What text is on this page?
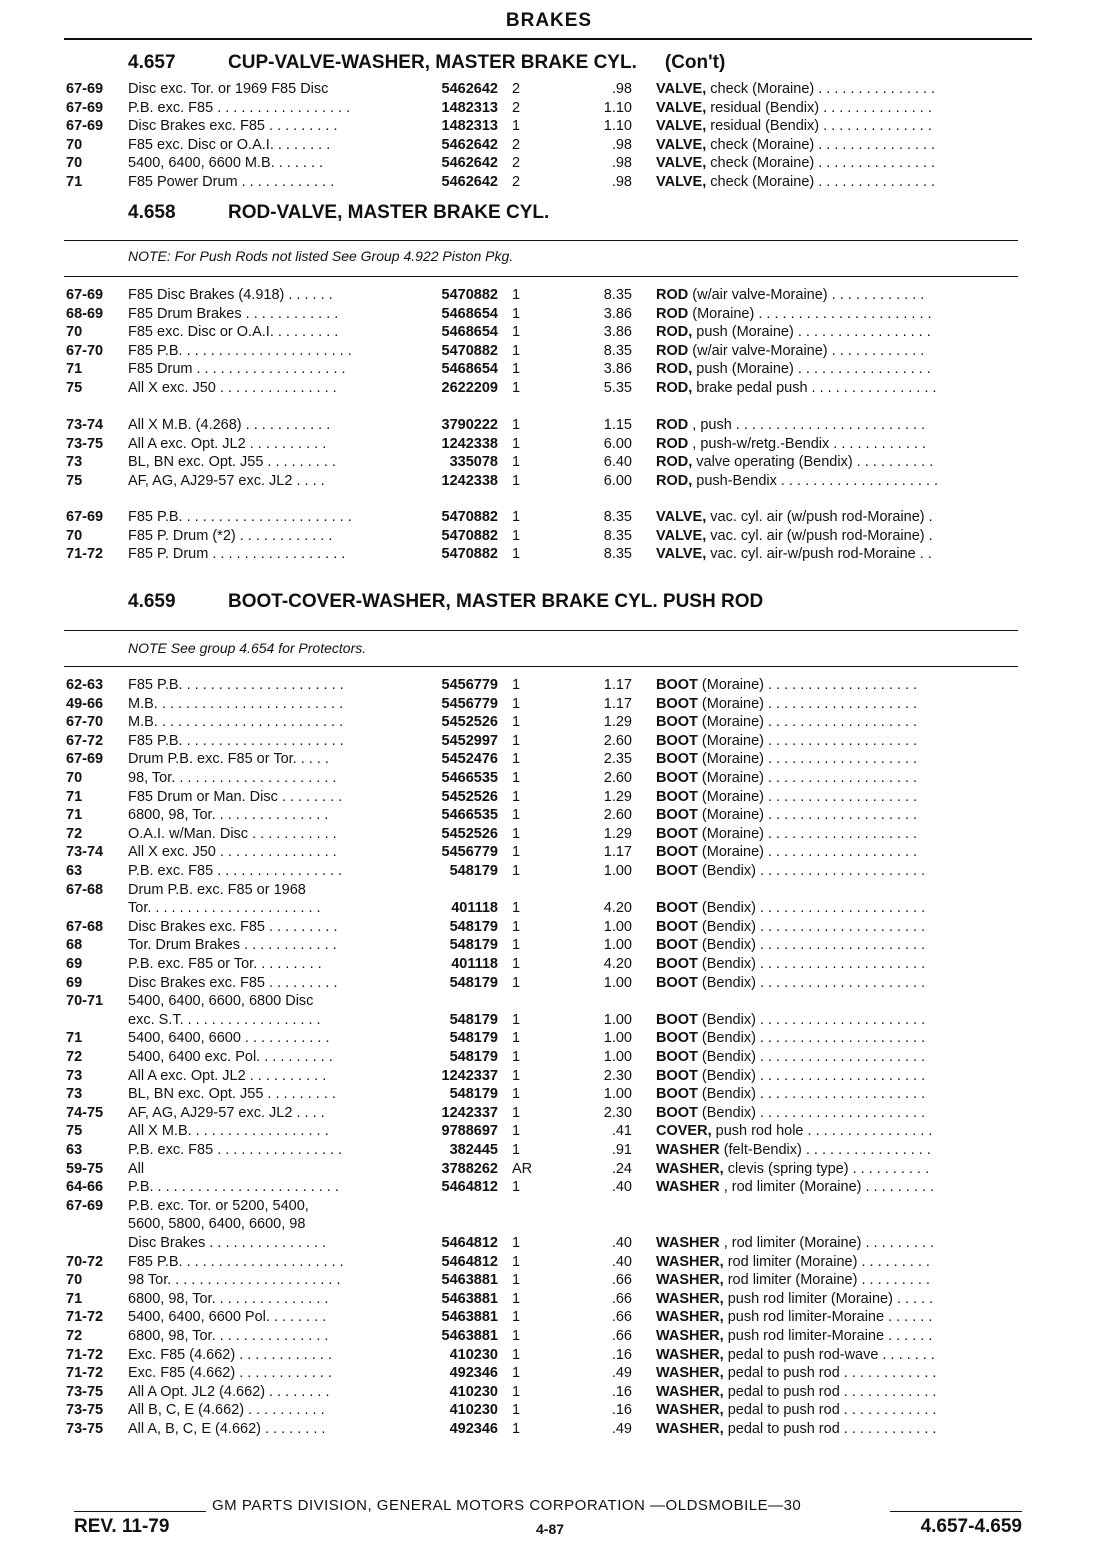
BRAKES
4.657	CUP-VALVE-WASHER, MASTER BRAKE CYL. (Con't)
4.658	ROD-VALVE, MASTER BRAKE CYL.
NOTE: For Push Rods not listed See Group 4.922 Piston Pkg.
4.659	BOOT-COVER-WASHER, MASTER BRAKE CYL. PUSH ROD
NOTE See group 4.654 for Protectors.
67-69	Disc exc. Tor. or 1969 F85 Disc	5462642 2	.98 VALVE, check (Moraine) . . . . . . . . . . . . . . .
67-69	P.B. exc. F85 . . . . . . . . . . . . . . . . .	1482313 2	1.10 VALVE, residual (Bendix) . . . . . . . . . . . . . .
67-69	Disc Brakes exc. F85 . . . . . . . . .	1482313 1	1.10 VALVE, residual (Bendix) . . . . . . . . . . . . . .
70	F85 exc. Disc or O.A.I. . . . . . . .	5462642 2	.98 VALVE, check (Moraine) . . . . . . . . . . . . . . .
70	5400, 6400, 6600 M.B. . . . . . .	5462642 2	.98 VALVE, check (Moraine) . . . . . . . . . . . . . . .
71	F85 Power Drum . . . . . . . . . . . .	5462642 2	.98 VALVE, check (Moraine) . . . . . . . . . . . . . . .
67-69	F85 Disc Brakes (4.918) . . . . . .	5470882 1	8.35 ROD (w/air valve-Moraine) . . . . . . . . . . . .
68-69	F85 Drum Brakes . . . . . . . . . . . .	5468654 1	3.86 ROD (Moraine) . . . . . . . . . . . . . . . . . . . . . .
70	F85 exc. Disc or O.A.I. . . . . . . . .	5468654 1	3.86 ROD, push (Moraine) . . . . . . . . . . . . . . . . .
67-70	F85 P.B. . . . . . . . . . . . . . . . . . . . . .	5470882 1	8.35 ROD (w/air valve-Moraine) . . . . . . . . . . . .
71	F85 Drum . . . . . . . . . . . . . . . . . . .	5468654 1	3.86 ROD, push (Moraine) . . . . . . . . . . . . . . . . .
75	All X exc. J50 . . . . . . . . . . . . . . .	2622209 1	5.35 ROD, brake pedal push . . . . . . . . . . . . . . . .
73-74	All X M.B. (4.268) . . . . . . . . . . .	3790222 1	1.15 ROD , push . . . . . . . . . . . . . . . . . . . . . . . .
73-75	All A exc. Opt. JL2 . . . . . . . . . .	1242338 1	6.00 ROD , push-w/retg.-Bendix . . . . . . . . . . . .
73	BL, BN exc. Opt. J55 . . . . . . . . .	335078 1	6.40 ROD, valve operating (Bendix) . . . . . . . . . .
75	AF, AG, AJ29-57 exc. JL2 . . . .	1242338 1	6.00 ROD, push-Bendix . . . . . . . . . . . . . . . . . . . .
67-69	F85 P.B. . . . . . . . . . . . . . . . . . . . . .	5470882 1	8.35 VALVE, vac. cyl. air (w/push rod-Moraine) .
70	F85 P. Drum (*2) . . . . . . . . . . . .	5470882 1	8.35 VALVE, vac. cyl. air (w/push rod-Moraine) .
71-72	F85 P. Drum . . . . . . . . . . . . . . . . .	5470882 1	8.35 VALVE, vac. cyl. air-w/push rod-Moraine . .
62-63	F85 P.B. . . . . . . . . . . . . . . . . . . . .	5456779 1	1.17 BOOT (Moraine) . . . . . . . . . . . . . . . . . . .
49-66	M.B. . . . . . . . . . . . . . . . . . . . . . . .	5456779 1	1.17 BOOT (Moraine) . . . . . . . . . . . . . . . . . . .
67-70	M.B. . . . . . . . . . . . . . . . . . . . . . . .	5452526 1	1.29 BOOT (Moraine) . . . . . . . . . . . . . . . . . . .
67-72	F85 P.B. . . . . . . . . . . . . . . . . . . . .	5452997 1	2.60 BOOT (Moraine) . . . . . . . . . . . . . . . . . . .
67-69	Drum P.B. exc. F85 or Tor. . . . .	5452476 1	2.35 BOOT (Moraine) . . . . . . . . . . . . . . . . . . .
70	98, Tor. . . . . . . . . . . . . . . . . . . . .	5466535 1	2.60 BOOT (Moraine) . . . . . . . . . . . . . . . . . . .
71	F85 Drum or Man. Disc . . . . . . . .	5452526 1	1.29 BOOT (Moraine) . . . . . . . . . . . . . . . . . . .
71	6800, 98, Tor. . . . . . . . . . . . . . .	5466535 1	2.60 BOOT (Moraine) . . . . . . . . . . . . . . . . . . .
72	O.A.I. w/Man. Disc . . . . . . . . . . .	5452526 1	1.29 BOOT (Moraine) . . . . . . . . . . . . . . . . . . .
73-74	All X exc. J50 . . . . . . . . . . . . . . .	5456779 1	1.17 BOOT (Moraine) . . . . . . . . . . . . . . . . . . .
63	P.B. exc. F85 . . . . . . . . . . . . . . . .	548179 1	1.00 BOOT (Bendix) . . . . . . . . . . . . . . . . . . . . .
67-68	Drum P.B. exc. F85 or 1968
Tor. . . . . . . . . . . . . . . . . . . . . .	401118 1	4.20 BOOT (Bendix) . . . . . . . . . . . . . . . . . . . . .
67-68	Disc Brakes exc. F85 . . . . . . . . .	548179 1	1.00 BOOT (Bendix) . . . . . . . . . . . . . . . . . . . . .
68	Tor. Drum Brakes . . . . . . . . . . . .	548179 1	1.00 BOOT (Bendix) . . . . . . . . . . . . . . . . . . . . .
69	P.B. exc. F85 or Tor. . . . . . . . .	401118 1	4.20 BOOT (Bendix) . . . . . . . . . . . . . . . . . . . . .
69	Disc Brakes exc. F85 . . . . . . . . .	548179 1	1.00 BOOT (Bendix) . . . . . . . . . . . . . . . . . . . . .
70-71	5400, 6400, 6600, 6800 Disc
exc. S.T. . . . . . . . . . . . . . . . . .	548179 1	1.00 BOOT (Bendix) . . . . . . . . . . . . . . . . . . . . .
71	5400, 6400, 6600 . . . . . . . . . . .	548179 1	1.00 BOOT (Bendix) . . . . . . . . . . . . . . . . . . . . .
72	5400, 6400 exc. Pol. . . . . . . . . .	548179 1	1.00 BOOT (Bendix) . . . . . . . . . . . . . . . . . . . . .
73	All A exc. Opt. JL2 . . . . . . . . . .	1242337 1	2.30 BOOT (Bendix) . . . . . . . . . . . . . . . . . . . . .
73	BL, BN exc. Opt. J55 . . . . . . . . .	548179 1	1.00 BOOT (Bendix) . . . . . . . . . . . . . . . . . . . . .
74-75	AF, AG, AJ29-57 exc. JL2 . . . .	1242337 1	2.30 BOOT (Bendix) . . . . . . . . . . . . . . . . . . . . .
75	All X M.B. . . . . . . . . . . . . . . . . .	9788697 1	.41 COVER, push rod hole . . . . . . . . . . . . . . . .
63	P.B. exc. F85 . . . . . . . . . . . . . . . .	382445 1	.91 WASHER (felt-Bendix) . . . . . . . . . . . . . . . .
59-75	All	3788262 AR	.24 WASHER, clevis (spring type) . . . . . . . . . .
64-66	P.B. . . . . . . . . . . . . . . . . . . . . . . .	5464812 1	.40 WASHER , rod limiter (Moraine) . . . . . . . . .
67-69	P.B. exc. Tor. or 5200, 5400,
5600, 5800, 6400, 6600, 98
Disc Brakes . . . . . . . . . . . . . . .	5464812 1	.40 WASHER , rod limiter (Moraine) . . . . . . . . .
70-72	F85 P.B. . . . . . . . . . . . . . . . . . . . .	5464812 1	.40 WASHER, rod limiter (Moraine) . . . . . . . . .
70	98 Tor. . . . . . . . . . . . . . . . . . . . . .	5463881 1	.66 WASHER, rod limiter (Moraine) . . . . . . . . .
71	6800, 98, Tor. . . . . . . . . . . . . . .	5463881 1	.66 WASHER, push rod limiter (Moraine) . . . . .
71-72	5400, 6400, 6600 Pol. . . . . . . .	5463881 1	.66 WASHER, push rod limiter-Moraine . . . . . .
72	6800, 98, Tor. . . . . . . . . . . . . . .	5463881 1	.66 WASHER, push rod limiter-Moraine . . . . . .
71-72	Exc. F85 (4.662) . . . . . . . . . . . .	410230 1	.16 WASHER, pedal to push rod-wave . . . . . . .
71-72	Exc. F85 (4.662) . . . . . . . . . . . .	492346 1	.49 WASHER, pedal to push rod . . . . . . . . . . . .
73-75	All A Opt. JL2 (4.662) . . . . . . . .	410230 1	.16 WASHER, pedal to push rod . . . . . . . . . . . .
73-75	All B, C, E (4.662) . . . . . . . . . .	410230 1	.16 WASHER, pedal to push rod . . . . . . . . . . . .
73-75	All A, B, C, E (4.662) . . . . . . . .	492346 1	.49 WASHER, pedal to push rod . . . . . . . . . . . .
GM PARTS DIVISION, GENERAL MOTORS CORPORATION —OLDSMOBILE—30
REV. 11-79	4-87	4.657-4.659
